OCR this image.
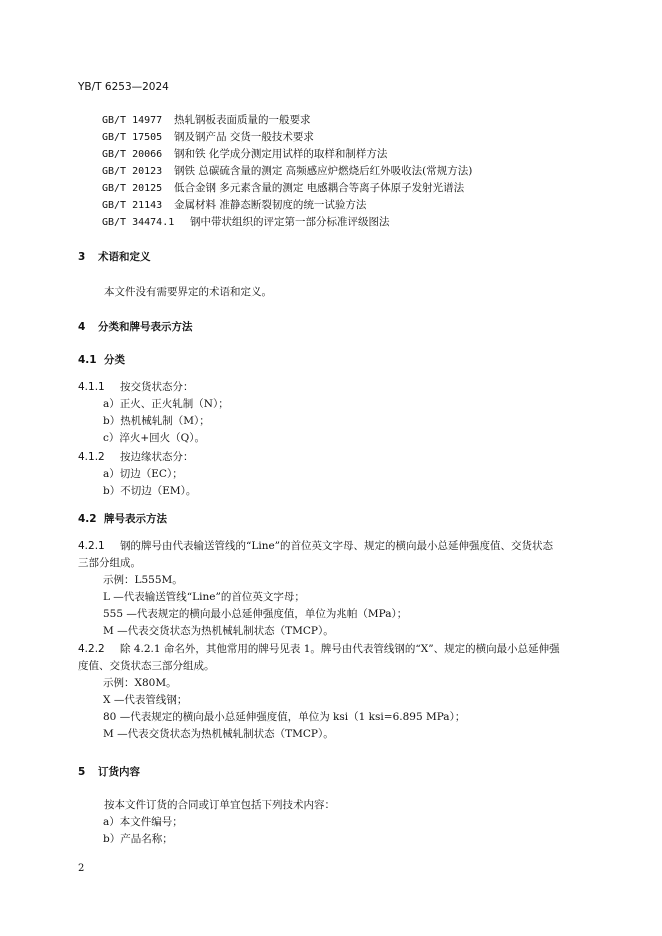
YB/T 6253—2024
GB/T 14977 热轧钢板表面质量的一般要求
GB/T 17505 钢及钢产品 交货一般技术要求
GB/T 20066 钢和铁 化学成分测定用试样的取样和制样方法
GB/T 20123 钢铁 总碳硫含量的测定 高频感应炉燃烧后红外吸收法(常规方法)
GB/T 20125 低合金钢 多元素含量的测定 电感耦合等离子体原子发射光谱法
GB/T 21143 金属材料 准静态断裂韧度的统一试验方法
GB/T 34474.1 钢中带状组织的评定第一部分标准评级图法
3 术语和定义
本文件没有需要界定的术语和定义。
4 分类和牌号表示方法
4.1 分类
4.1.1 按交货状态分：
a）正火、正火轧制（N）；
b）热机械轧制（M）；
c）淬火+回火（Q）。
4.1.2 按边缘状态分：
a）切边（EC）；
b）不切边（EM）。
4.2 牌号表示方法
4.2.1 钢的牌号由代表输送管线的“Line”的首位英文字母、规定的横向最小总延伸强度值、交货状态
三部分组成。
示例：L555M。
L —代表输送管线“Line”的首位英文字母；
555 —代表规定的横向最小总延伸强度值，单位为兆帕（MPa）；
M —代表交货状态为热机械轧制状态（TMCP）。
4.2.2 除 4.2.1 命名外，其他常用的牌号见表 1。牌号由代表管线钢的“X”、规定的横向最小总延伸强
度值、交货状态三部分组成。
示例：X80M。
X —代表管线钢；
80 —代表规定的横向最小总延伸强度值，单位为 ksi（1 ksi=6.895 MPa）；
M —代表交货状态为热机械轧制状态（TMCP）。
5 订货内容
按本文件订货的合同或订单宜包括下列技术内容：
a）本文件编号；
b）产品名称；
2
